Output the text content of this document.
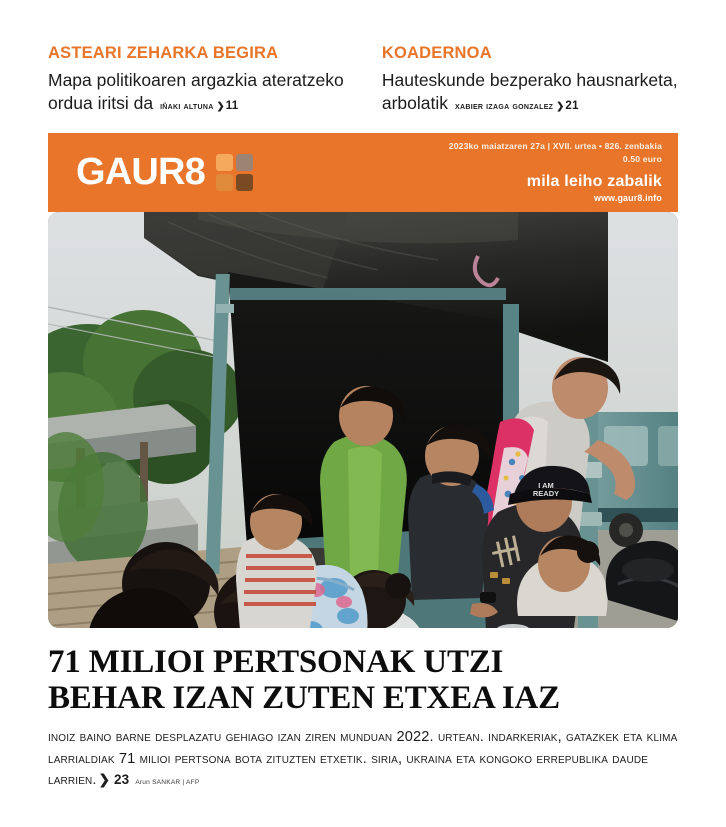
ASTEARI ZEHARKA BEGIRA
Mapa politikoaren argazkia ateratzeko ordua iritsi da iñaki altuna ❯11
KOADERNOA
Hauteskunde bezperako hausnarketa, arbolatik xabier izaga gonzalez ❯21
GAUR8
2023ko maiatzaren 27a | XVII. urtea • 826. zenbakia
0.50 euro
mila leiho zabalik
www.gaur8.info
I AM
READY
71 MILIOI PERTSONAK UTZI
BEHAR IZAN ZUTEN ETXEA IAZ
inoiz baino barne desplazatu gehiago izan ziren munduan 2022. urtean. indarkeriak, gatazkek eta klima larrialdiak 71 milioi pertsona bota zituzten etxetik. siria, ukraina eta kongoko errepublika daude larrien. ❯ 23 Arun SANKAR | AFP
